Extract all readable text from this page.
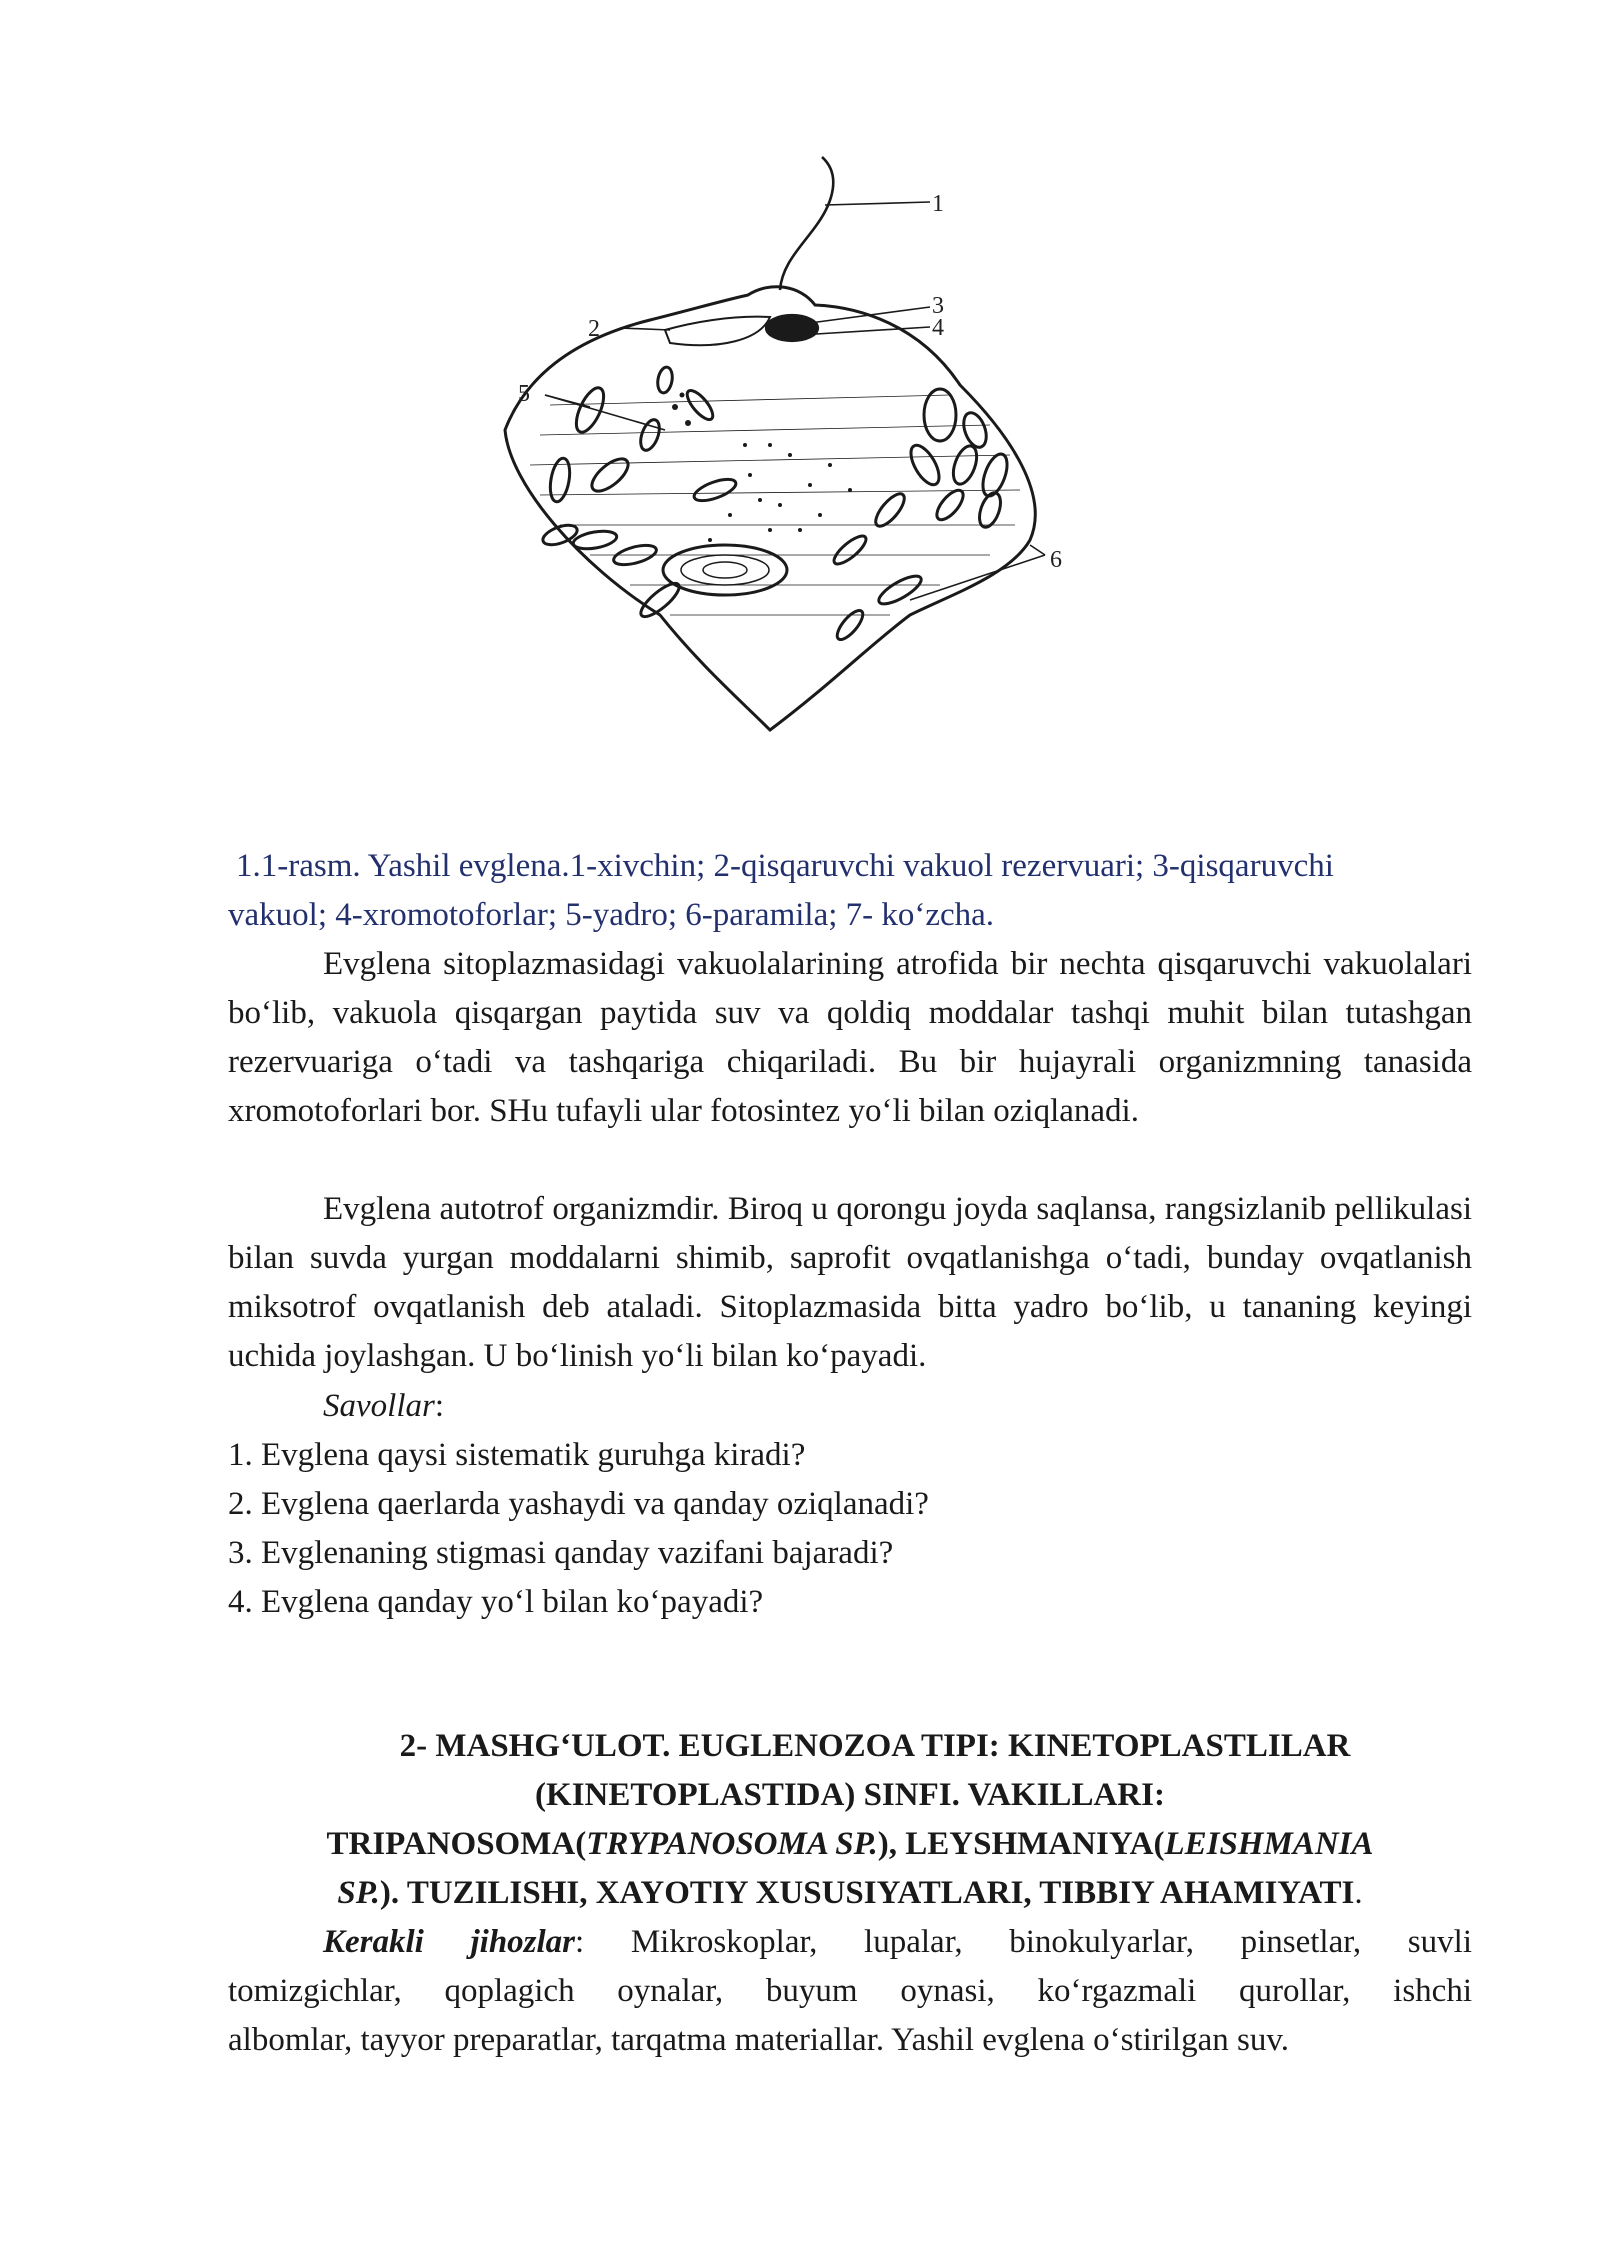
1
2
3
4
5
6
1.1-rasm. Yashil evglena.1-xivchin; 2-qisqaruvchi vakuol rezervuari; 3-qisqaruvchi
vakuol; 4-xromotoforlar; 5-yadro; 6-paramila; 7- koʻzcha.

Evglena sitoplazmasidagi vakuolalarining atrofida bir nechta qisqaruvchi vakuolalari boʻlib, vakuola qisqargan paytida suv va qoldiq moddalar tashqi muhit bilan tutashgan rezervuariga oʻtadi va tashqariga chiqariladi. Bu bir hujayrali organizmning tanasida xromotoforlari bor. SHu tufayli ular fotosintez yoʻli bilan oziqlanadi.

Evglena autotrof organizmdir. Biroq u qorongu joyda saqlansa, rangsizlanib pellikulasi bilan suvda yurgan moddalarni shimib, saprofit ovqatlanishga oʻtadi, bunday ovqatlanish miksotrof ovqatlanish deb ataladi. Sitoplazmasida bitta yadro boʻlib, u tananing keyingi uchida joylashgan. U boʻlinish yoʻli bilan koʻpayadi.

Savollar:
1. Evglena qaysi sistematik guruhga kiradi?
2. Evglena qaerlarda yashaydi va qanday oziqlanadi?
3. Evglenaning stigmasi qanday vazifani bajaradi?
4. Evglena qanday yoʻl bilan koʻpayadi?
2- MASHGʻULOT. EUGLENOZOA TIPI: KINETOPLASTLILAR
(KINETOPLASTIDA) SINFI. VAKILLARI:
TRIPANOSOMA(TRYPANOSOMA SP.), LEYSHMANIYA(LEISHMANIA
SP.). TUZILISHI, XAYOTIY XUSUSIYATLARI, TIBBIY AHAMIYATI.
Kerakli jihozlar: Mikroskoplar, lupalar, binokulyarlar, pinsetlar, suvli
tomizgichlar, qoplagich oynalar, buyum oynasi, koʻrgazmali qurollar, ishchi
albomlar, tayyor preparatlar, tarqatma materiallar. Yashil evglena oʻstirilgan suv.
